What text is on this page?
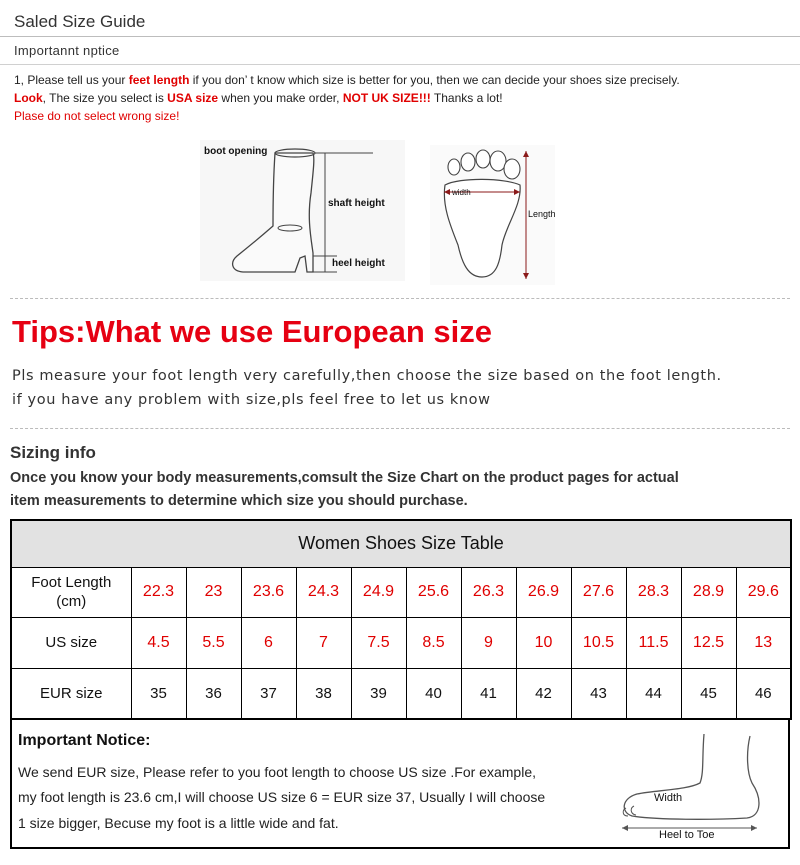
Saled Size Guide
Importannt nptice
1, Please tell us your feet length if you don’ t know which size is better for you, then we can decide your shoes size precisely.
Look, The size you select is USA size when you make order, NOT UK SIZE!!! Thanks a lot!
Plase do not select wrong size!
boot opening
shaft height
heel height
width
Length
Tips:What we use European size
Pls measure your foot length very carefully,then choose the size based on the foot length.
if you have any problem with size,pls feel free to let us know
Sizing info
Once you know your body measurements,comsult the Size Chart on the product pages for actual
item measurements to determine which size you should purchase.
Women Shoes Size Table												
Foot Length
(cm)	22.3	23	23.6	24.3	24.9	25.6	26.3	26.9	27.6	28.3	28.9	29.6
US size	4.5	5.5	6	7	7.5	8.5	9	10	10.5	11.5	12.5	13
EUR size	35	36	37	38	39	40	41	42	43	44	45	46
Important Notice:
We send EUR size, Please refer to you foot length to choose US size .For example,
my foot length is 23.6 cm,I will choose US size 6 = EUR size 37, Usually I will choose
1 size bigger, Becuse my foot is a little wide and fat.
Width
Heel to Toe
